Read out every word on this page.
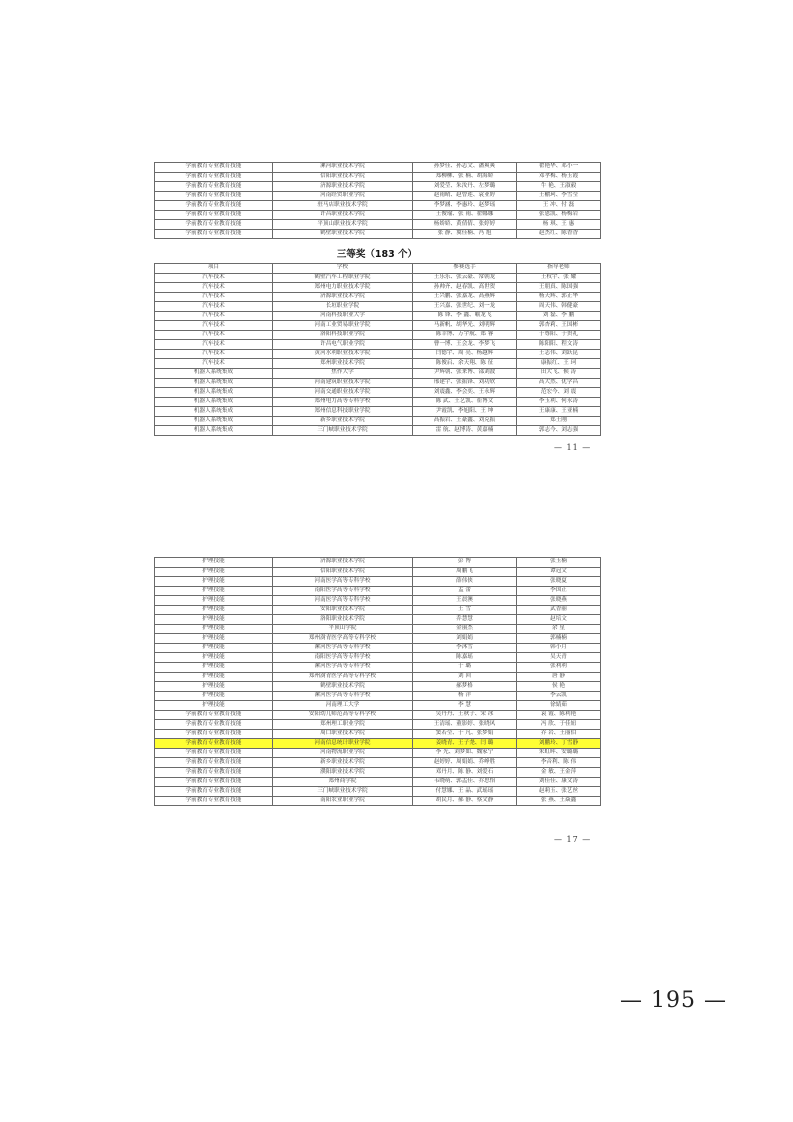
学前教育专业教育技能	漯河职业技术学院	孙梦佳、孙志文、潘爽爽	翟艳华、邓小一
学前教育专业教育技能	信阳职业技术学院	郑柳柳、张 楠、胡海娇	邓孝梅、杨玉霞
学前教育专业教育技能	济源职业技术学院	刘爱莹、朱汝丹、左梦璐	牛 艳、王淑毅
学前教育专业教育技能	河南经贸职业学院	赵雨晴、赵曾莲、袁亚婷	王榆珂、李雪莹
学前教育专业教育技能	驻马店职业技术学院	李梦涵、李惠玲、赵梦瑶	王 冲、付 磊
学前教育专业教育技能	许昌职业技术学院	王俊瑜、张 雨、翟娜娜	张恩凯、杨梅岩
学前教育专业教育技能	平顶山职业技术学院	杨娇娇、黄倩倩、张婷婷	杨 琪、王 惠
学前教育专业教育技能	鹤壁职业技术学院	张 静、冀佳楠、冯 旭	赵杰红、陈香香
三等奖（183 个）
项目	学校	参赛选手	指导老师
汽车技术	鹤壁汽车工程职业学院	王乐乐、张云豪、常朝龙	王权宇、张 耀
汽车技术	郑州电力职业技术学院	孙帅齐、赵春凯、高世贺	王朋真、陈国强
汽车技术	济源职业技术学院	王兴鹏、张嘉龙、高燕辉	杨天辉、郭正华
汽车技术	长垣职业学院	王兴嘉、张世纪、刘一龙	周天伟、韩健豪
汽车技术	河南科技职业大学	陈 锋、李 鑫、喻龙飞	刘 磊、李 鹏
汽车技术	河南工业贸易职业学院	马新帆、胡华光、刘明辉	郭杏莉、王国彬
汽车技术	洛阳科技职业学院	陈幸博、万宇航、郑 睿	于尊阳、于贵礼
汽车技术	许昌电气职业学院	曹一博、王会龙、李梦飞	陈阳阳、程文涛
汽车技术	黄河水利职业技术学院	闫德宇、周 亮、杨越辉	王志伟、刘跃昆
汽车技术	郑州职业技术学院	陈俊启、余天翔、陈 征	康振红、王 珂
机器人系统集成	焦作大学	尹辉朝、张来博、邵刘波	田大飞、候 涛
机器人系统集成	河南建筑职业技术学院	邢建宇、张振锋、刘功欣	高大然、优学昌
机器人系统集成	河南交通职业技术学院	刘震鑫、李会奕、王永辉	范宏今、刘 震
机器人系统集成	郑州电力高等专科学校	陈 武、王艺凯、崔博文	李玉利、何永涛
机器人系统集成	郑州信息科技职业学院	尹霞凯、李旭阳、王 坤	王康康、王亚楠
机器人系统集成	新乡职业技术学院	高振岩、王豪鑫、刘克振	郑王刚
机器人系统集成	三门峡职业技术学院	雷 航、赵博涛、黄嘉楠	郭志今、刘志强
— 11 —
护理技能	济源职业技术学院	彭 博	张玉楠
护理技能	信阳职业技术学院	周鹏飞	谭冠文
护理技能	河南医学高等专科学校	薛伟侠	张晓夏
护理技能	南阳医学高等专科学校	孟 蕾	李国正
护理技能	河南医学高等专科学校	王晨澳	张晓燕
护理技能	安阳职业技术学院	王 雪	武香丽
护理技能	洛阳职业技术学院	乔慧慧	赵培文
护理技能	平顶山学院	金丽杰	余 星
护理技能	郑州澍青医学高等专科学校	刘娟娟	郭楠楠
护理技能	漯河医学高等专科学校	李沐雪	韩小月
护理技能	南阳医学高等专科学校	陈嘉瑶	吴天青
护理技能	漯河医学高等专科学校	于 璐	张利利
护理技能	郑州澍青医学高等专科学校	刘 回	唐 静
护理技能	鹤壁职业技术学院	郝梦格	侯 艳
护理技能	漯河医学高等专科学校	杨 洋	李云凯
护理技能	河南理工大学	李 慧	徐婧茹
学前教育专业教育技能	安阳幼儿师范高等专科学校	吴丹丹、王秋子、宋 冰	袁 霞、陈利艳
学前教育专业教育技能	郑州理工职业学院	王清瑶、董影婷、张晓风	冯 欣、于佳妞
学前教育专业教育技能	周口职业技术学院	窦若莹、于 凡、张梦娟	乔 岩、王丽伯
学前教育专业教育技能	河南信息统计职业学院	姜晓青、王子尧、闫 璐	刘鹏玲、丁雪静
学前教育专业教育技能	河南物流职业学院	李 光、刘梦如、魏家宁	朱虹晖、安璐璐
学前教育专业教育技能	新乡职业技术学院	赵婷婷、周娟娟、乔峥胜	李音利、陈 伟
学前教育专业教育技能	濮阳职业技术学院	邓丹月、陈 静、刘爱石	金 敏、王金萍
学前教育专业教育技能	郑州商学院	韦晓萌、郭孟佳、乔思怡	刘佳佳、康文涛
学前教育专业教育技能	三门峡职业技术学院	付慧娜、王 晶、武瑶瑶	赵莉玉、张艺丝
学前教育专业教育技能	南阳农业职业学院	胡民月、郝 静、蔡文静	张 燕、王焱鑫
— 17 —
— 195 —
